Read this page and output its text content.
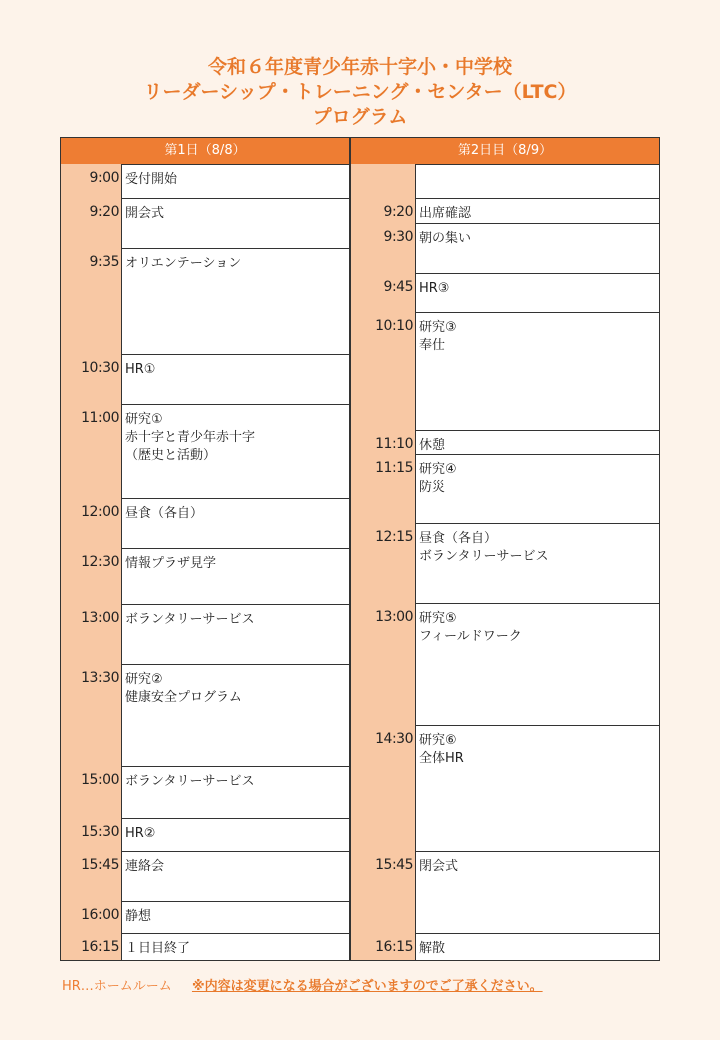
令和６年度青少年赤十字小・中学校
リーダーシップ・トレーニング・センター（LTC）
プログラム
第1日（8/8）
9:00 受付開始
9:20 開会式
9:35 オリエンテーション
10:30 HR①
11:00 研究①
赤十字と青少年赤十字
（歴史と活動）
12:00 昼食（各自）
12:30 情報プラザ見学
13:00 ボランタリーサービス
13:30 研究②
健康安全プログラム
15:00 ボランタリーサービス
15:30 HR②
15:45 連絡会
16:00 静想
16:15 １日目終了
第2日目（8/9）
9:20 出席確認
9:30 朝の集い
9:45 HR③
10:10 研究③
奉仕
11:10 休憩
11:15 研究④
防災
12:15 昼食（各自）
ボランタリーサービス
13:00 研究⑤
フィールドワーク
14:30 研究⑥
全体HR
15:45 閉会式
16:15 解散
HR…ホームルーム ※内容は変更になる場合がございますのでご了承ください。
